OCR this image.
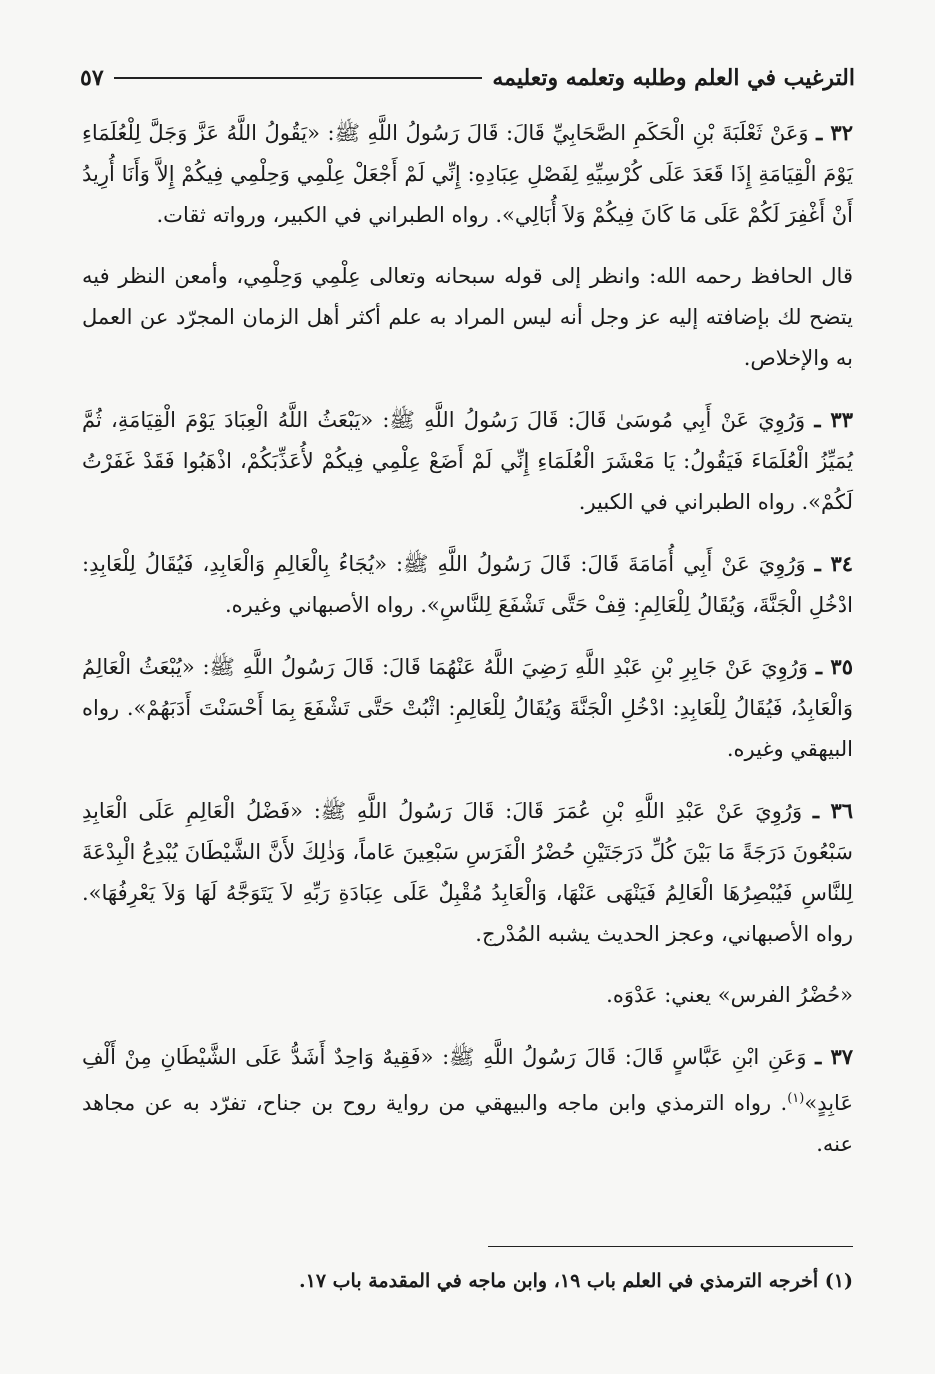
الترغيب في العلم وطلبه وتعلمه وتعليمه
٥٧

٣٢ ـ وَعَنْ ثَعْلَبَةَ بْنِ الْحَكَمِ الصَّحَابِيِّ قَالَ: قَالَ رَسُولُ اللَّهِ ﷺ: «يَقُولُ اللَّهُ عَزَّ وَجَلَّ لِلْعُلَمَاءِ يَوْمَ الْقِيَامَةِ إِذَا قَعَدَ عَلَى كُرْسِيِّهِ لِفَصْلِ عِبَادِهِ: إِنِّي لَمْ أَجْعَلْ عِلْمِي وَحِلْمِي فِيكُمْ إِلاَّ وَأَنَا أُرِيدُ أَنْ أَغْفِرَ لَكُمْ عَلَى مَا كَانَ فِيكُمْ وَلاَ أُبَالِي». رواه الطبراني في الكبير، ورواته ثقات.

قال الحافظ رحمه الله: وانظر إلى قوله سبحانه وتعالى عِلْمِي وَحِلْمِي، وأمعن النظر فيه يتضح لك بإضافته إليه عز وجل أنه ليس المراد به علم أكثر أهل الزمان المجرّد عن العمل به والإخلاص.

٣٣ ـ وَرُوِيَ عَنْ أَبِي مُوسَىٰ قَالَ: قَالَ رَسُولُ اللَّهِ ﷺ: «يَبْعَثُ اللَّهُ الْعِبَادَ يَوْمَ الْقِيَامَةِ، ثُمَّ يُمَيِّزُ الْعُلَمَاءَ فَيَقُولُ: يَا مَعْشَرَ الْعُلَمَاءِ إِنِّي لَمْ أَضَعْ عِلْمِي فِيكُمْ لأُعَذِّبَكُمْ، اذْهَبُوا فَقَدْ غَفَرْتُ لَكُمْ». رواه الطبراني في الكبير.

٣٤ ـ وَرُوِيَ عَنْ أَبِي أُمَامَةَ قَالَ: قَالَ رَسُولُ اللَّهِ ﷺ: «يُجَاءُ بِالْعَالِمِ وَالْعَابِدِ، فَيُقَالُ لِلْعَابِدِ: ادْخُلِ الْجَنَّةَ، وَيُقَالُ لِلْعَالِمِ: قِفْ حَتَّى تَشْفَعَ لِلنَّاسِ». رواه الأصبهاني وغيره.

٣٥ ـ وَرُوِيَ عَنْ جَابِرِ بْنِ عَبْدِ اللَّهِ رَضِيَ اللَّهُ عَنْهُمَا قَالَ: قَالَ رَسُولُ اللَّهِ ﷺ: «يُبْعَثُ الْعَالِمُ وَالْعَابِدُ، فَيُقَالُ لِلْعَابِدِ: ادْخُلِ الْجَنَّةَ وَيُقَالُ لِلْعَالِمِ: اثْبُتْ حَتَّى تَشْفَعَ بِمَا أَحْسَنْتَ أَدَبَهُمْ». رواه البيهقي وغيره.

٣٦ ـ وَرُوِيَ عَنْ عَبْدِ اللَّهِ بْنِ عُمَرَ قَالَ: قَالَ رَسُولُ اللَّهِ ﷺ: «فَضْلُ الْعَالِمِ عَلَى الْعَابِدِ سَبْعُونَ دَرَجَةً مَا بَيْنَ كُلِّ دَرَجَتَيْنِ حُضْرُ الْفَرَسِ سَبْعِينَ عَاماً، وَذٰلِكَ لأَنَّ الشَّيْطَانَ يُبْدِعُ الْبِدْعَةَ لِلنَّاسِ فَيُبْصِرُهَا الْعَالِمُ فَيَنْهَى عَنْهَا، وَالْعَابِدُ مُقْبِلٌ عَلَى عِبَادَةِ رَبِّهِ لاَ يَتَوَجَّهُ لَهَا وَلاَ يَعْرِفُهَا». رواه الأصبهاني، وعجز الحديث يشبه المُدْرج.

«حُضْرُ الفرس» يعني: عَدْوَه.

٣٧ ـ وَعَنِ ابْنِ عَبَّاسٍ قَالَ: قَالَ رَسُولُ اللَّهِ ﷺ: «فَقِيهٌ وَاحِدٌ أَشَدُّ عَلَى الشَّيْطَانِ مِنْ أَلْفِ عَابِدٍ»$^{(١)}$. رواه الترمذي وابن ماجه والبيهقي من رواية روح بن جناح، تفرّد به عن مجاهد عنه.

(١) أخرجه الترمذي في العلم باب ١٩، وابن ماجه في المقدمة باب ١٧.
